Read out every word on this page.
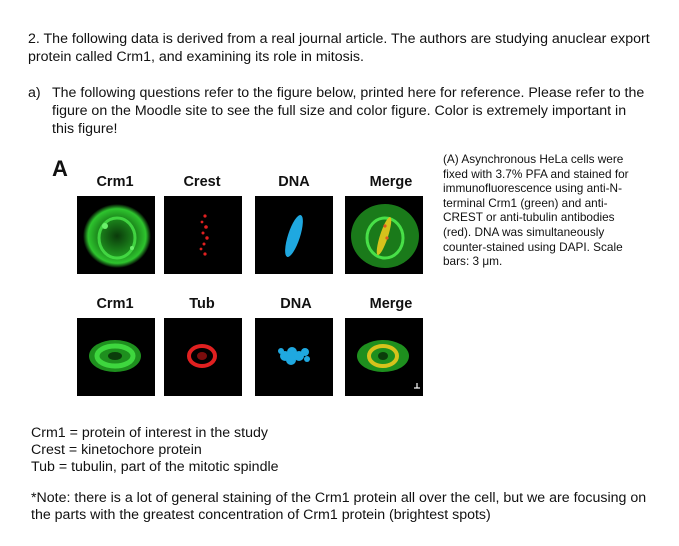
2. The following data is derived from a real journal article. The authors are studying anuclear export protein called Crm1, and examining its role in mitosis.
a) The following questions refer to the figure below, printed here for reference. Please refer to the figure on the Moodle site to see the full size and color figure. Color is extremely important in this figure!
A
Crm1	Crest	DNA	Merge
Crm1	Tub	DNA	Merge
(A) Asynchronous HeLa cells were fixed with 3.7% PFA and stained for immunofluorescence using anti-N-terminal Crm1 (green) and anti-CREST or anti-tubulin antibodies (red). DNA was simultaneously counter-stained using DAPI. Scale bars: 3 μm.
Crm1 = protein of interest in the study
Crest = kinetochore protein
Tub = tubulin, part of the mitotic spindle
*Note: there is a lot of general staining of the Crm1 protein all over the cell, but we are focusing on the parts with the greatest concentration of Crm1 protein (brightest spots)
